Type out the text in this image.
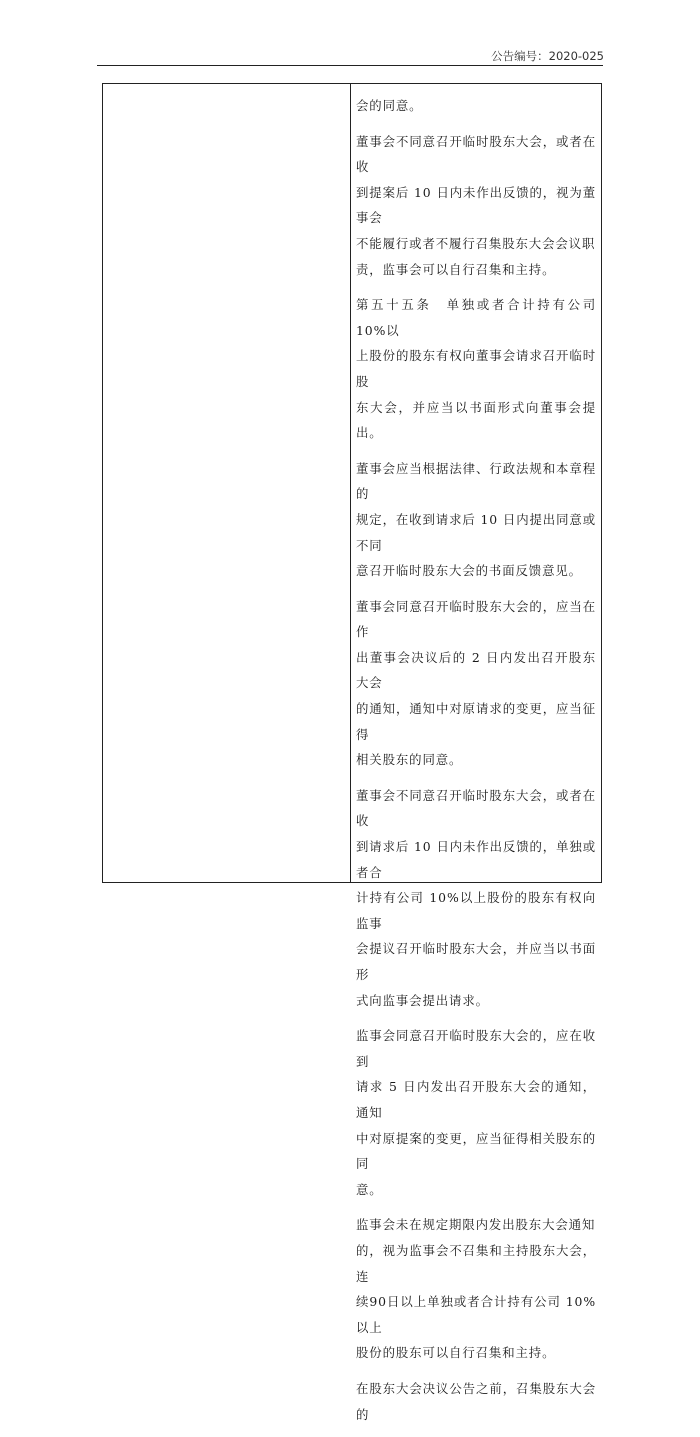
公告编号：2020-025

会的同意。

董事会不同意召开临时股东大会，或者在收
到提案后 10 日内未作出反馈的，视为董事会
不能履行或者不履行召集股东大会会议职
责，监事会可以自行召集和主持。

第五十五条　单独或者合计持有公司 10%以
上股份的股东有权向董事会请求召开临时股
东大会，并应当以书面形式向董事会提出。

董事会应当根据法律、行政法规和本章程的
规定，在收到请求后 10 日内提出同意或不同
意召开临时股东大会的书面反馈意见。

董事会同意召开临时股东大会的，应当在作
出董事会决议后的 2 日内发出召开股东大会
的通知，通知中对原请求的变更，应当征得
相关股东的同意。

董事会不同意召开临时股东大会，或者在收
到请求后 10 日内未作出反馈的，单独或者合
计持有公司 10%以上股份的股东有权向监事
会提议召开临时股东大会，并应当以书面形
式向监事会提出请求。

监事会同意召开临时股东大会的，应在收到
请求 5 日内发出召开股东大会的通知，通知
中对原提案的变更，应当征得相关股东的同
意。

监事会未在规定期限内发出股东大会通知
的，视为监事会不召集和主持股东大会，连
续90日以上单独或者合计持有公司 10%以上
股份的股东可以自行召集和主持。

在股东大会决议公告之前，召集股东大会的
